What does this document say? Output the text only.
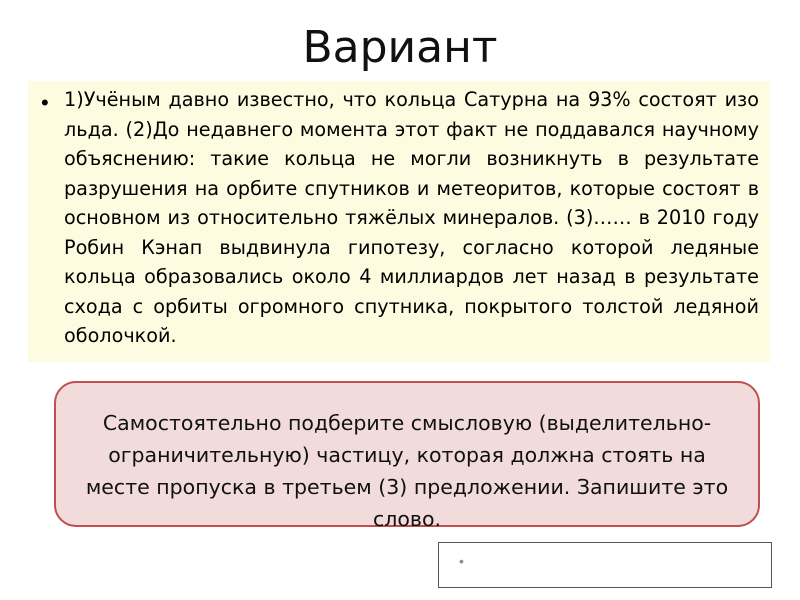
Вариант
• 1)Учёным давно известно, что кольца Сатурна на 93% состоят изо льда. (2)До недавнего момента этот факт не поддавался научному объяснению: такие кольца не могли возникнуть в результате разрушения на орбите спутников и метеоритов, которые состоят в основном из относительно тяжёлых минералов. (3)…… в 2010 году Робин Кэнап выдвинула гипотезу, согласно которой ледяные кольца образовались около 4 миллиардов лет назад в результате схода с орбиты огромного спутника, покрытого толстой ледяной оболочкой.

Самостоятельно подберите смысловую (выделительно- ограничительную) частицу, которая должна стоять на месте пропуска в третьем (3) предложении. Запишите это слово.

•
